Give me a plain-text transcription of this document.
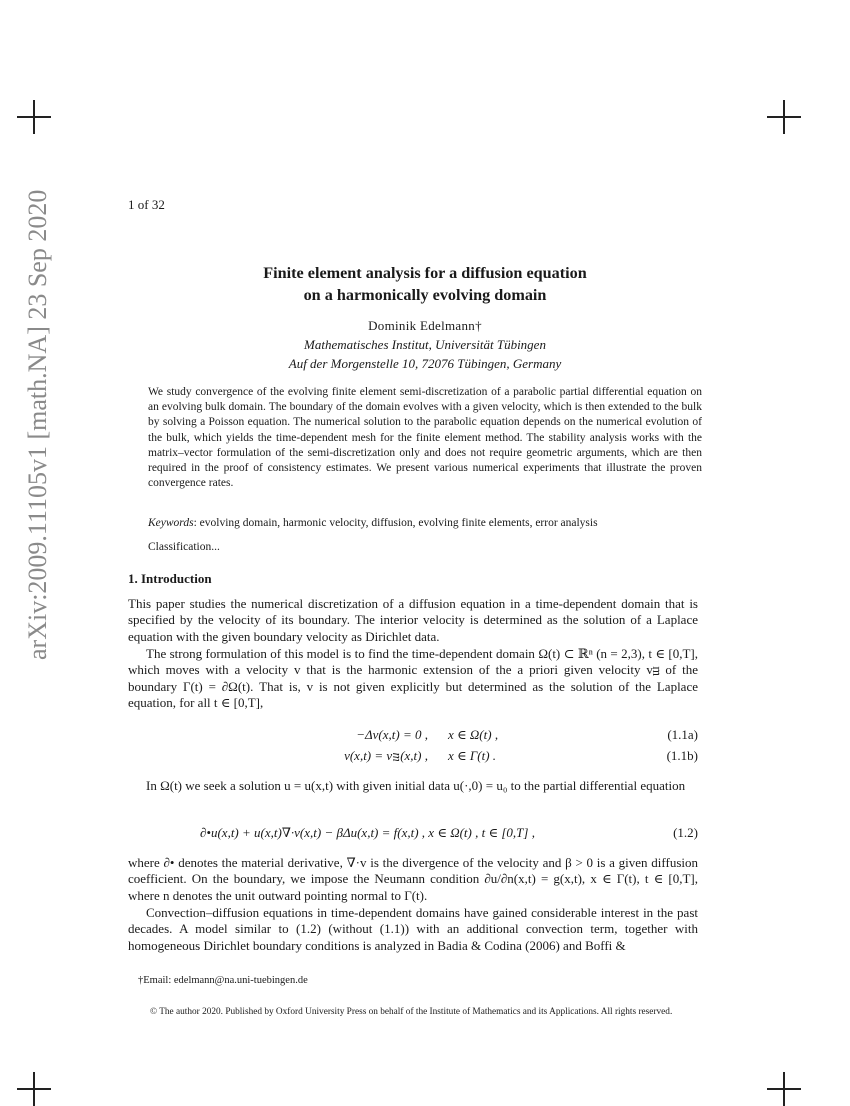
arXiv:2009.11105v1 [math.NA] 23 Sep 2020	1 of 32
Finite element analysis for a diffusion equation
on a harmonically evolving domain
Dominik Edelmann†
Mathematisches Institut, Universität Tübingen
Auf der Morgenstelle 10, 72076 Tübingen, Germany

We study convergence of the evolving finite element semi-discretization of a parabolic partial differential equation on an evolving bulk domain. The boundary of the domain evolves with a given velocity, which is then extended to the bulk by solving a Poisson equation. The numerical solution to the parabolic equation depends on the numerical evolution of the bulk, which yields the time-dependent mesh for the finite element method. The stability analysis works with the matrix–vector formulation of the semi-discretization only and does not require geometric arguments, which are then required in the proof of consistency estimates. We present various numerical experiments that illustrate the proven convergence rates.

Keywords: evolving domain, harmonic velocity, diffusion, evolving finite elements, error analysis

Classification...

1. Introduction

This paper studies the numerical discretization of a diffusion equation in a time-dependent domain that is specified by the velocity of its boundary. The interior velocity is determined as the solution of a Laplace equation with the given boundary velocity as Dirichlet data.

The strong formulation of this model is to find the time-dependent domain Ω(t) ⊂ ℝⁿ (n = 2,3), t ∈ [0,T], which moves with a velocity v that is the harmonic extension of the a priori given velocity vᴟ of the boundary Γ(t) = ∂Ω(t). That is, v is not given explicitly but determined as the solution of the Laplace equation, for all t ∈ [0,T],

−Δv(x,t) = 0 , x ∈ Ω(t) ,	(1.1a)
v(x,t) = vᴟ(x,t) , x ∈ Γ(t) .	(1.1b)

In Ω(t) we seek a solution u = u(x,t) with given initial data u(·,0) = u₀ to the partial differential equation

∂•u(x,t) + u(x,t)∇·v(x,t) − βΔu(x,t) = f(x,t) , x ∈ Ω(t) , t ∈ [0,T] ,	(1.2)

where ∂• denotes the material derivative, ∇·v is the divergence of the velocity and β > 0 is a given diffusion coefficient. On the boundary, we impose the Neumann condition ∂u/∂n(x,t) = g(x,t), x ∈ Γ(t), t ∈ [0,T], where n denotes the unit outward pointing normal to Γ(t).

Convection–diffusion equations in time-dependent domains have gained considerable interest in the past decades. A model similar to (1.2) (without (1.1)) with an additional convection term, together with homogeneous Dirichlet boundary conditions is analyzed in Badia & Codina (2006) and Boffi &

†Email: edelmann@na.uni-tuebingen.de

© The author 2020. Published by Oxford University Press on behalf of the Institute of Mathematics and its Applications. All rights reserved.
